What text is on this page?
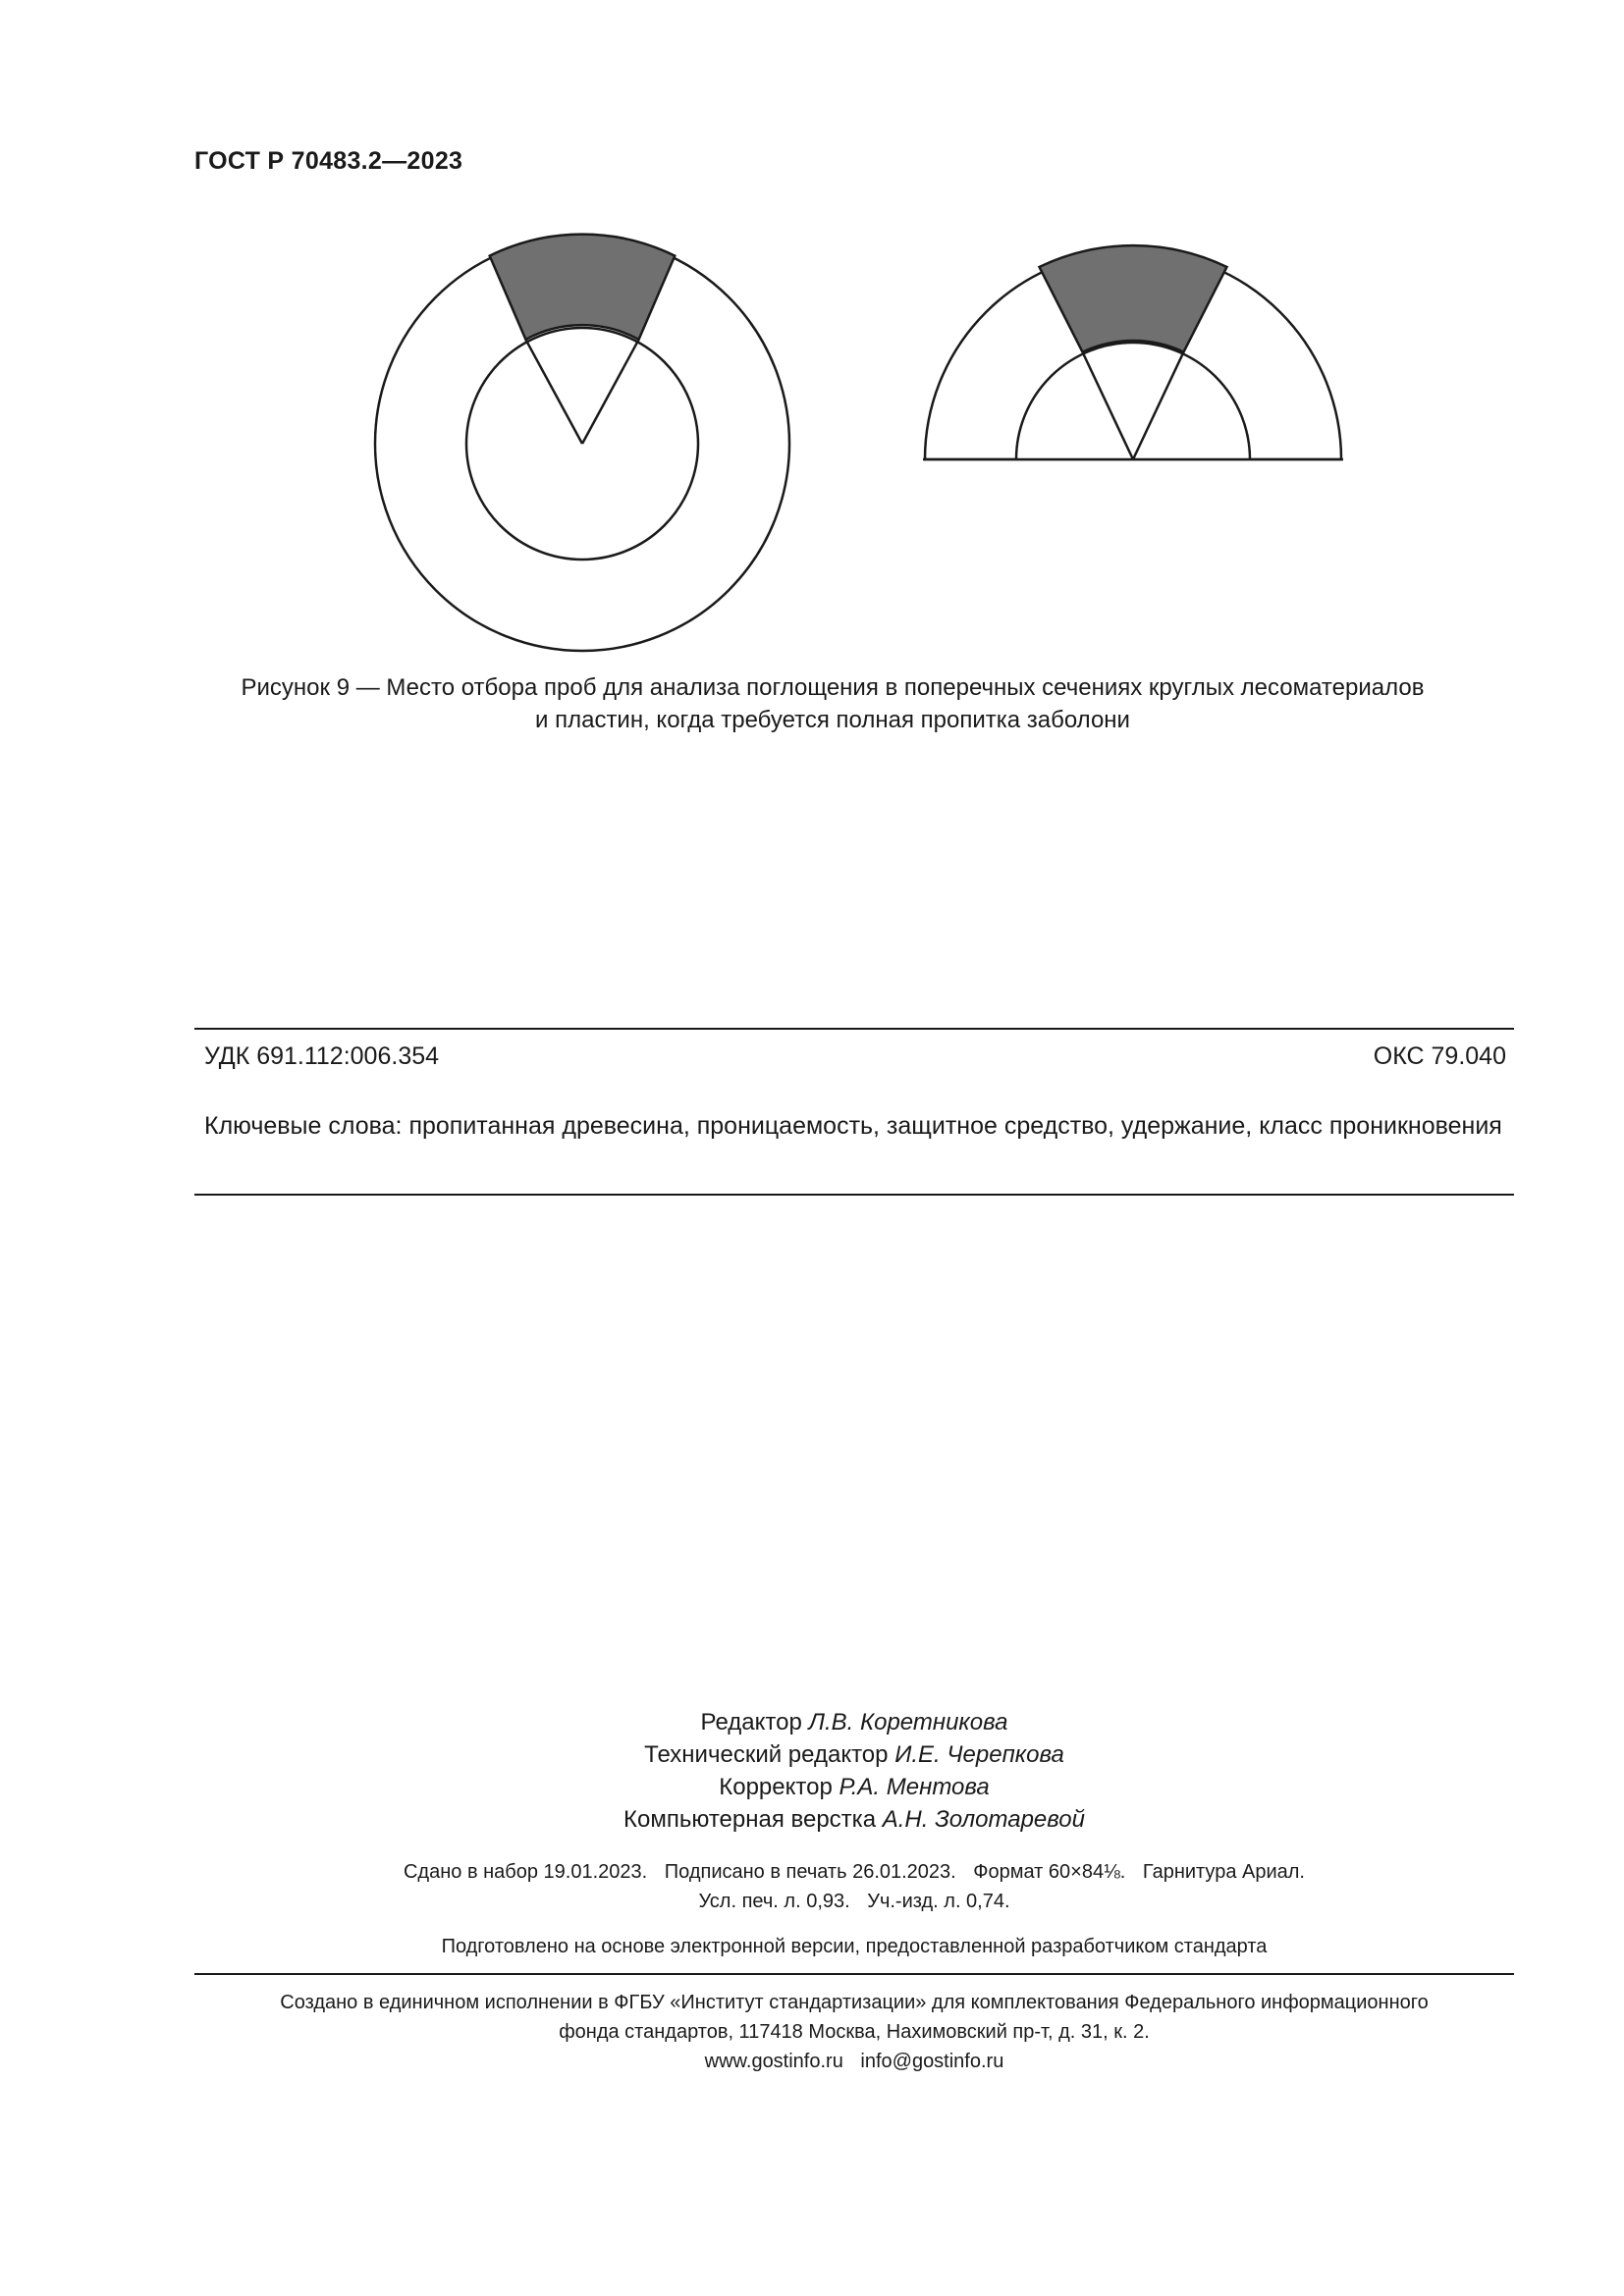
ГОСТ Р 70483.2—2023
Рисунок 9 — Место отбора проб для анализа поглощения в поперечных сечениях круглых лесоматериалов
и пластин, когда требуется полная пропитка заболони
УДК 691.112:006.354	ОКС 79.040
Ключевые слова: пропитанная древесина, проницаемость, защитное средство, удержание, класс проникновения
Редактор Л.В. Коретникова
Технический редактор И.Е. Черепкова
Корректор Р.А. Ментова
Компьютерная верстка А.Н. Золотаревой
Сдано в набор 19.01.2023. Подписано в печать 26.01.2023. Формат 60×84⅛. Гарнитура Ариал.
Усл. печ. л. 0,93. Уч.-изд. л. 0,74.
Подготовлено на основе электронной версии, предоставленной разработчиком стандарта
Создано в единичном исполнении в ФГБУ «Институт стандартизации» для комплектования Федерального информационного
фонда стандартов, 117418 Москва, Нахимовский пр-т, д. 31, к. 2.
www.gostinfo.ru info@gostinfo.ru
